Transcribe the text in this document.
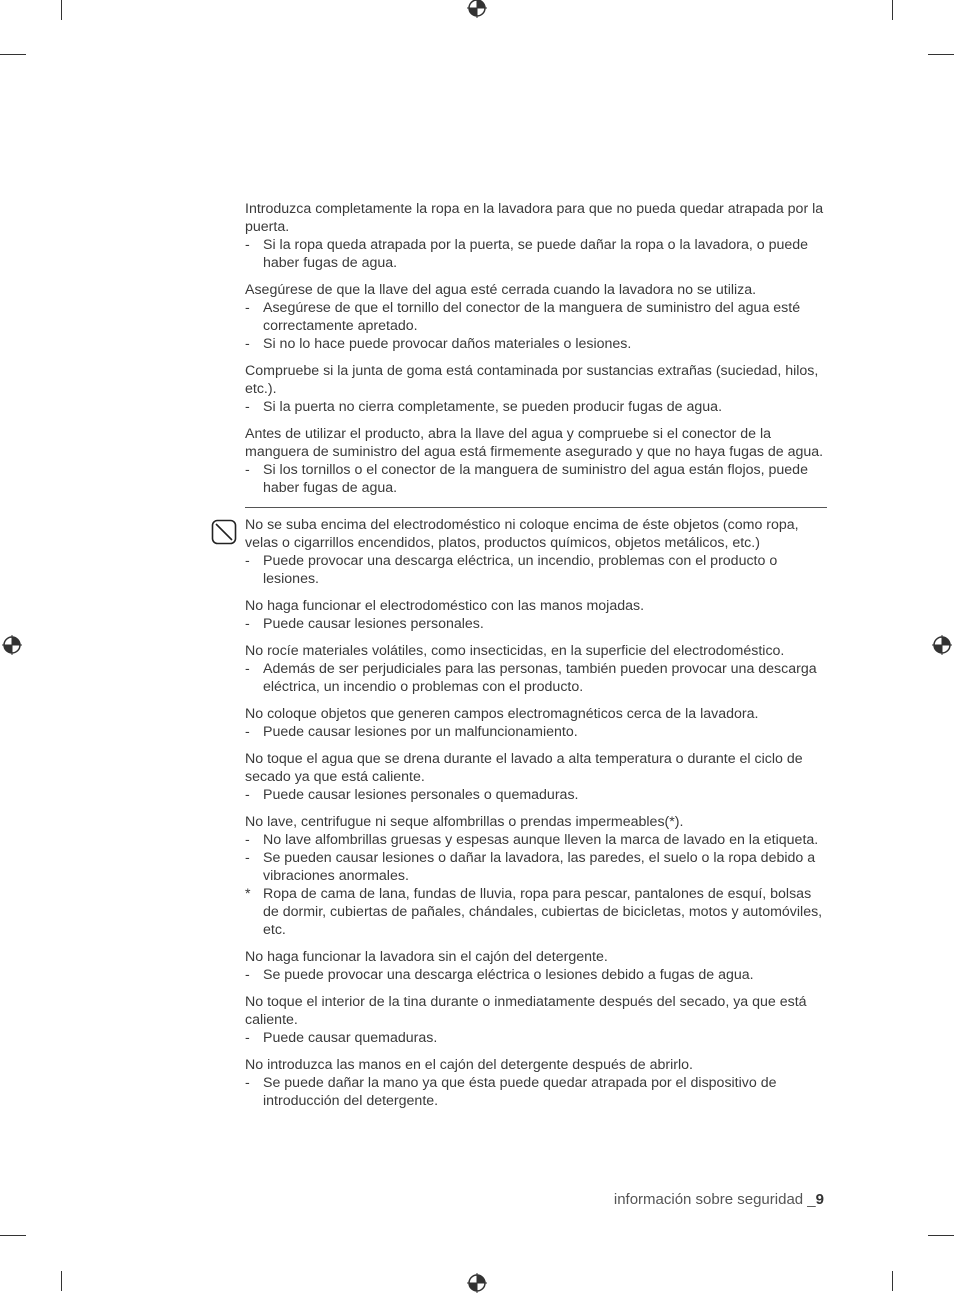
Introduzca completamente la ropa en la lavadora para que no pueda quedar atrapada por la puerta.

- Si la ropa queda atrapada por la puerta, se puede dañar la ropa o la lavadora, o puede haber fugas de agua.

Asegúrese de que la llave del agua esté cerrada cuando la lavadora no se utiliza.

- Asegúrese de que el tornillo del conector de la manguera de suministro del agua esté correctamente apretado.

- Si no lo hace puede provocar daños materiales o lesiones.

Compruebe si la junta de goma está contaminada por sustancias extrañas (suciedad, hilos, etc.).

- Si la puerta no cierra completamente, se pueden producir fugas de agua.

Antes de utilizar el producto, abra la llave del agua y compruebe si el conector de la manguera de suministro del agua está firmemente asegurado y que no haya fugas de agua.

- Si los tornillos o el conector de la manguera de suministro del agua están flojos, puede haber fugas de agua.

No se suba encima del electrodoméstico ni coloque encima de éste objetos (como ropa, velas o cigarrillos encendidos, platos, productos químicos, objetos metálicos, etc.)

- Puede provocar una descarga eléctrica, un incendio, problemas con el producto o lesiones.

No haga funcionar el electrodoméstico con las manos mojadas.

- Puede causar lesiones personales.

No rocíe materiales volátiles, como insecticidas, en la superficie del electrodoméstico.

- Además de ser perjudiciales para las personas, también pueden provocar una descarga eléctrica, un incendio o problemas con el producto.

No coloque objetos que generen campos electromagnéticos cerca de la lavadora.

- Puede causar lesiones por un malfuncionamiento.

No toque el agua que se drena durante el lavado a alta temperatura o durante el ciclo de secado ya que está caliente.

- Puede causar lesiones personales o quemaduras.

No lave, centrifugue ni seque alfombrillas o prendas impermeables(*).

- No lave alfombrillas gruesas y espesas aunque lleven la marca de lavado en la etiqueta.

- Se pueden causar lesiones o dañar la lavadora, las paredes, el suelo o la ropa debido a vibraciones anormales.

* Ropa de cama de lana, fundas de lluvia, ropa para pescar, pantalones de esquí, bolsas de dormir, cubiertas de pañales, chándales, cubiertas de bicicletas, motos y automóviles, etc.

No haga funcionar la lavadora sin el cajón del detergente.

- Se puede provocar una descarga eléctrica o lesiones debido a fugas de agua.

No toque el interior de la tina durante o inmediatamente después del secado, ya que está caliente.

- Puede causar quemaduras.

No introduzca las manos en el cajón del detergente después de abrirlo.

- Se puede dañar la mano ya que ésta puede quedar atrapada por el dispositivo de introducción del detergente.

información sobre seguridad _9
